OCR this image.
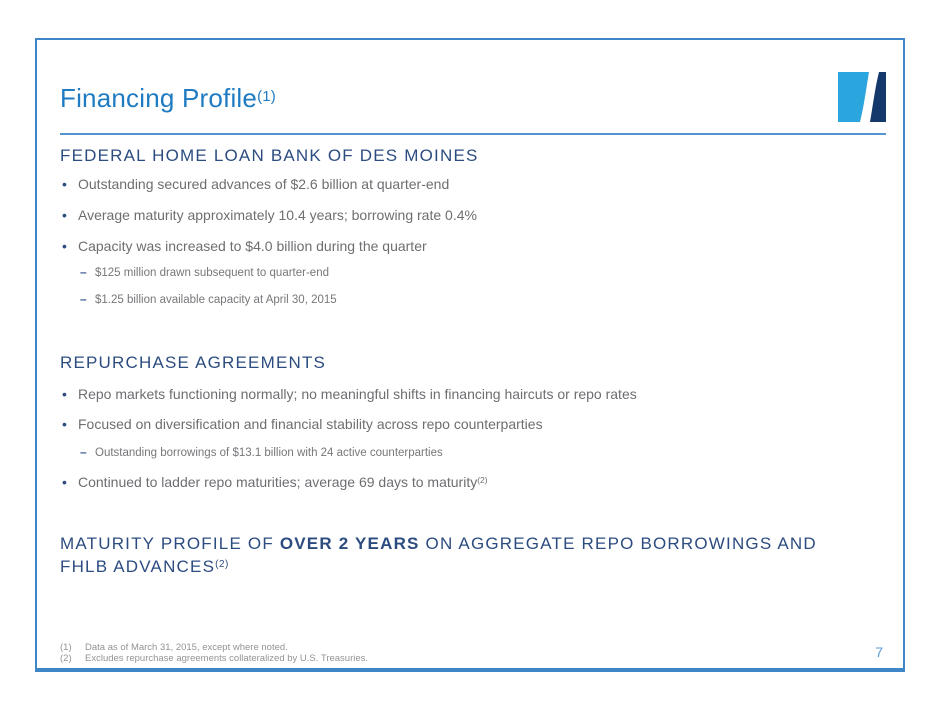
Financing Profile$^{(1)}$
FEDERAL HOME LOAN BANK OF DES MOINES
• Outstanding secured advances of $2.6 billion at quarter-end
• Average maturity approximately 10.4 years; borrowing rate 0.4%
• Capacity was increased to $4.0 billion during the quarter
– $125 million drawn subsequent to quarter-end
– $1.25 billion available capacity at April 30, 2015
REPURCHASE AGREEMENTS
• Repo markets functioning normally; no meaningful shifts in financing haircuts or repo rates
• Focused on diversification and financial stability across repo counterparties
– Outstanding borrowings of $13.1 billion with 24 active counterparties
• Continued to ladder repo maturities; average 69 days to maturity$^{(2)}$
MATURITY PROFILE OF OVER 2 YEARS ON AGGREGATE REPO BORROWINGS AND
FHLB ADVANCES$^{(2)}$
(1) Data as of March 31, 2015, except where noted.
(2) Excludes repurchase agreements collateralized by U.S. Treasuries.	7
